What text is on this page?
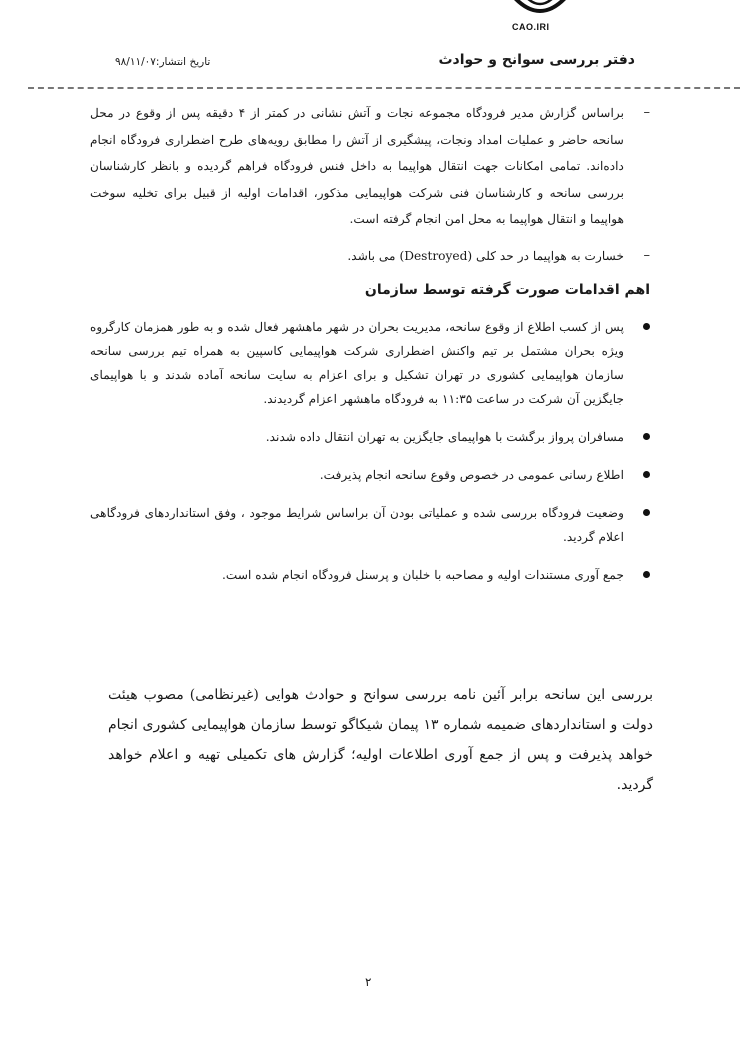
CAO.IRI
دفتر بررسی سوانح و حوادث
تاریخ انتشار:۹۸/۱۱/۰۷
–
براساس گزارش مدیر فرودگاه مجموعه نجات و آتش نشانی در کمتر از ۴ دقیقه پس از وقوع در محل سانحه حاضر و عملیات امداد ونجات، پیشگیری از آتش را مطابق رویه‌های طرح اضطراری فرودگاه انجام داده‌اند. تمامی امکانات جهت انتقال هواپیما به داخل فنس فرودگاه فراهم گردیده و بانظر کارشناسان بررسی سانحه و کارشناسان فنی شرکت هواپیمایی مذکور، اقدامات اولیه از قبیل برای تخلیه سوخت هواپیما و انتقال هواپیما به محل امن انجام گرفته است.
–
خسارت به هواپیما در حد کلی (Destroyed) می باشد.
اهم اقدامات صورت گرفته توسط سازمان
پس از کسب اطلاع از وقوع سانحه، مدیریت بحران در شهر ماهشهر فعال شده و به طور همزمان کارگروه ویژه بحران مشتمل بر تیم واکنش اضطراری شرکت هواپیمایی کاسپین به همراه تیم بررسی سانحه سازمان هواپیمایی کشوری در تهران تشکیل و برای اعزام به سایت سانحه آماده شدند و با هواپیمای جایگزین آن شرکت در ساعت ۱۱:۳۵ به فرودگاه ماهشهر اعزام گردیدند.
مسافران پرواز برگشت با هواپیمای جایگزین به تهران انتقال داده شدند.
اطلاع رسانی عمومی در خصوص وقوع سانحه انجام پذیرفت.
وضعیت فرودگاه بررسی شده و عملیاتی بودن آن براساس شرایط موجود ، وفق استانداردهای فرودگاهی اعلام گردید.
جمع آوری مستندات اولیه و مصاحبه با خلبان و پرسنل فرودگاه انجام شده است.
بررسی این سانحه برابر آئین نامه بررسی سوانح و حوادث هوایی (غیرنظامی) مصوب هیئت دولت و استانداردهای ضمیمه شماره ۱۳ پیمان شیکاگو توسط سازمان هواپیمایی کشوری انجام خواهد پذیرفت و پس از جمع آوری اطلاعات اولیه؛ گزارش های تکمیلی تهیه و اعلام خواهد گردید.
۲
